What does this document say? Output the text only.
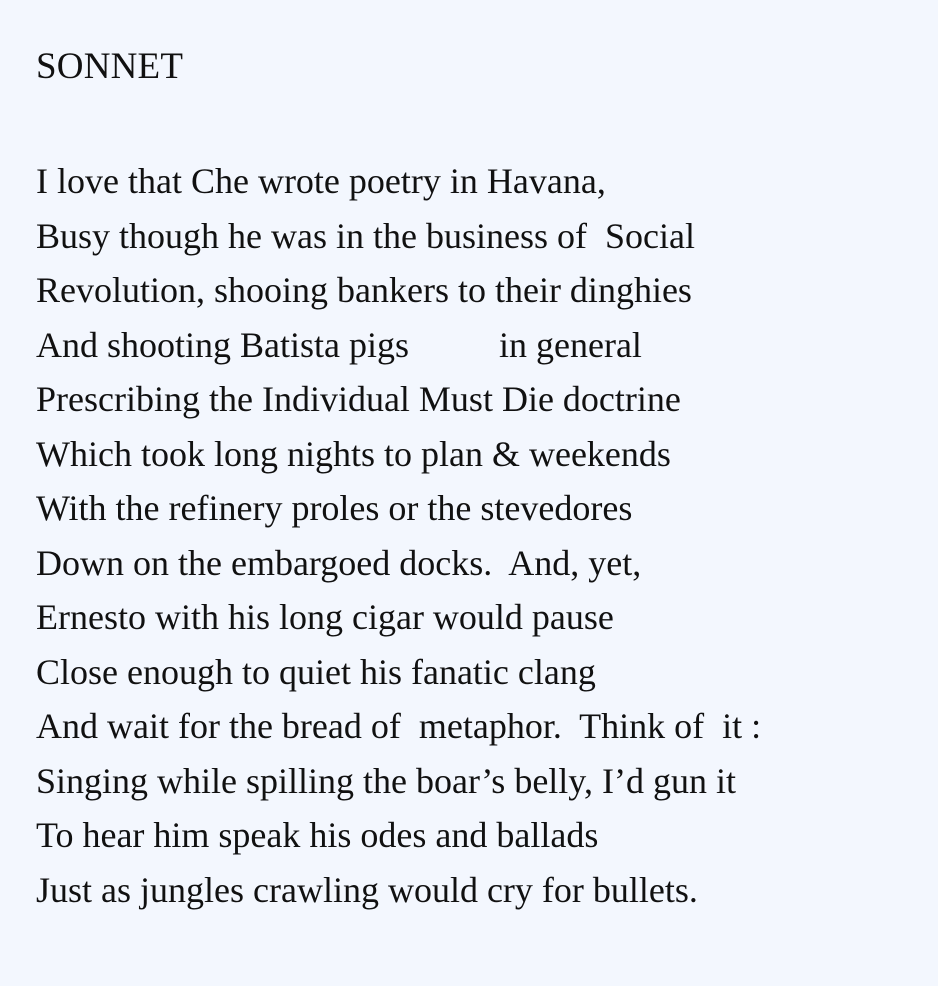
SONNET
I love that Che wrote poetry in Havana,
Busy though he was in the business of  Social
Revolution, shooing bankers to their dinghies
And shooting Batista pigs          in general
Prescribing the Individual Must Die doctrine
Which took long nights to plan & weekends
With the refinery proles or the stevedores
Down on the embargoed docks.  And, yet,
Ernesto with his long cigar would pause
Close enough to quiet his fanatic clang
And wait for the bread of  metaphor.  Think of  it :
Singing while spilling the boar’s belly, I’d gun it
To hear him speak his odes and ballads
Just as jungles crawling would cry for bullets.
